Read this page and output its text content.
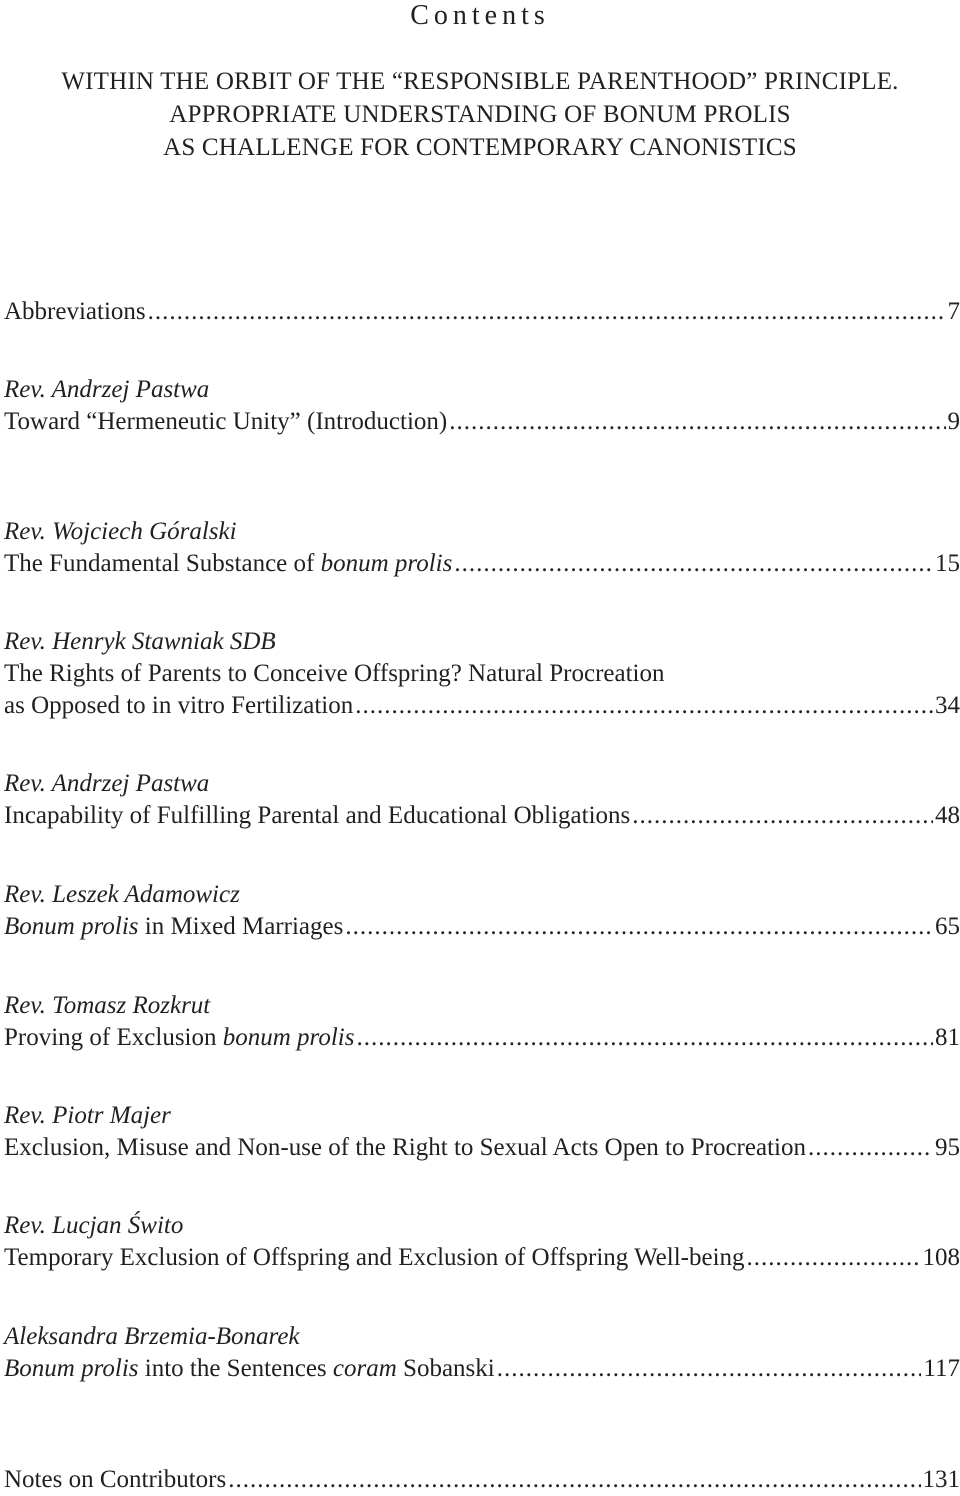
Contents
WITHIN THE ORBIT OF THE “RESPONSIBLE PARENTHOOD” PRINCIPLE.
APPROPRIATE UNDERSTANDING OF BONUM PROLIS
AS CHALLENGE FOR CONTEMPORARY CANONISTICS
Abbreviations .....	7
Rev. Andrzej Pastwa
Toward “Hermeneutic Unity” (Introduction) .....	9
Rev. Wojciech Góralski
The Fundamental Substance of bonum prolis .....	15
Rev. Henryk Stawniak SDB
The Rights of Parents to Conceive Offspring? Natural Procreation
as Opposed to in vitro Fertilization .....	34
Rev. Andrzej Pastwa
Incapability of Fulfilling Parental and Educational Obligations .....	48
Rev. Leszek Adamowicz
Bonum prolis in Mixed Marriages .....	65
Rev. Tomasz Rozkrut
Proving of Exclusion bonum prolis .....	81
Rev. Piotr Majer
Exclusion, Misuse and Non-use of the Right to Sexual Acts Open to Procreation .....	95
Rev. Lucjan Świto
Temporary Exclusion of Offspring and Exclusion of Offspring Well-being .....	108
Aleksandra Brzemia-Bonarek
Bonum prolis into the Sentences coram Sobanski .....	117
Notes on Contributors .....	131
